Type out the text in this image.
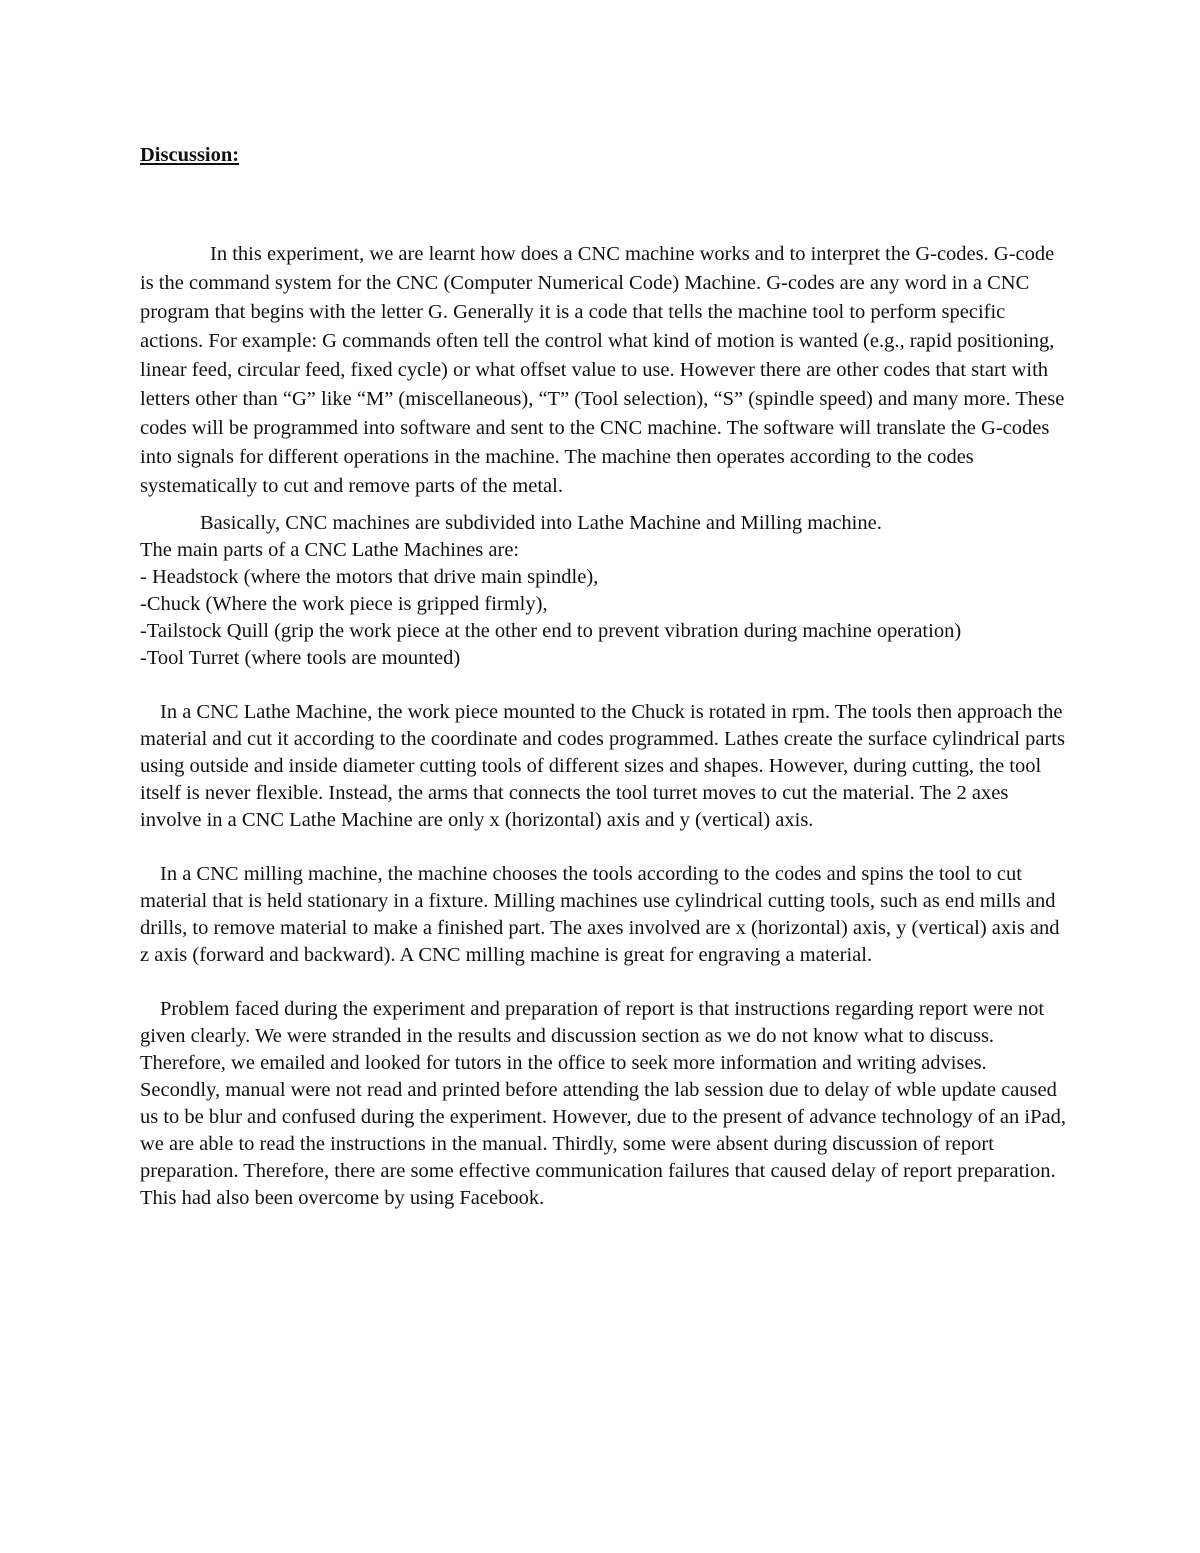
Discussion:

In this experiment, we are learnt how does a CNC machine works and to interpret the G-codes. G-code is the command system for the CNC (Computer Numerical Code) Machine. G-codes are any word in a CNC program that begins with the letter G. Generally it is a code that tells the machine tool to perform specific actions. For example: G commands often tell the control what kind of motion is wanted (e.g., rapid positioning, linear feed, circular feed, fixed cycle) or what offset value to use. However there are other codes that start with letters other than “G” like “M” (miscellaneous), “T” (Tool selection), “S” (spindle speed) and many more. These codes will be programmed into software and sent to the CNC machine. The software will translate the G-codes into signals for different operations in the machine. The machine then operates according to the codes systematically to cut and remove parts of the metal.

Basically, CNC machines are subdivided into Lathe Machine and Milling machine.

The main parts of a CNC Lathe Machines are:

- Headstock (where the motors that drive main spindle),
-Chuck (Where the work piece is gripped firmly),
-Tailstock Quill (grip the work piece at the other end to prevent vibration during machine operation)
-Tool Turret (where tools are mounted)

In a CNC Lathe Machine, the work piece mounted to the Chuck is rotated in rpm. The tools then approach the material and cut it according to the coordinate and codes programmed. Lathes create the surface cylindrical parts using outside and inside diameter cutting tools of different sizes and shapes. However, during cutting, the tool itself is never flexible. Instead, the arms that connects the tool turret moves to cut the material. The 2 axes involve in a CNC Lathe Machine are only x (horizontal) axis and y (vertical) axis.

In a CNC milling machine, the machine chooses the tools according to the codes and spins the tool to cut material that is held stationary in a fixture. Milling machines use cylindrical cutting tools, such as end mills and drills, to remove material to make a finished part. The axes involved are x (horizontal) axis, y (vertical) axis and z axis (forward and backward). A CNC milling machine is great for engraving a material.

Problem faced during the experiment and preparation of report is that instructions regarding report were not given clearly. We were stranded in the results and discussion section as we do not know what to discuss. Therefore, we emailed and looked for tutors in the office to seek more information and writing advises. Secondly, manual were not read and printed before attending the lab session due to delay of wble update caused us to be blur and confused during the experiment. However, due to the present of advance technology of an iPad, we are able to read the instructions in the manual. Thirdly, some were absent during discussion of report preparation. Therefore, there are some effective communication failures that caused delay of report preparation. This had also been overcome by using Facebook.
